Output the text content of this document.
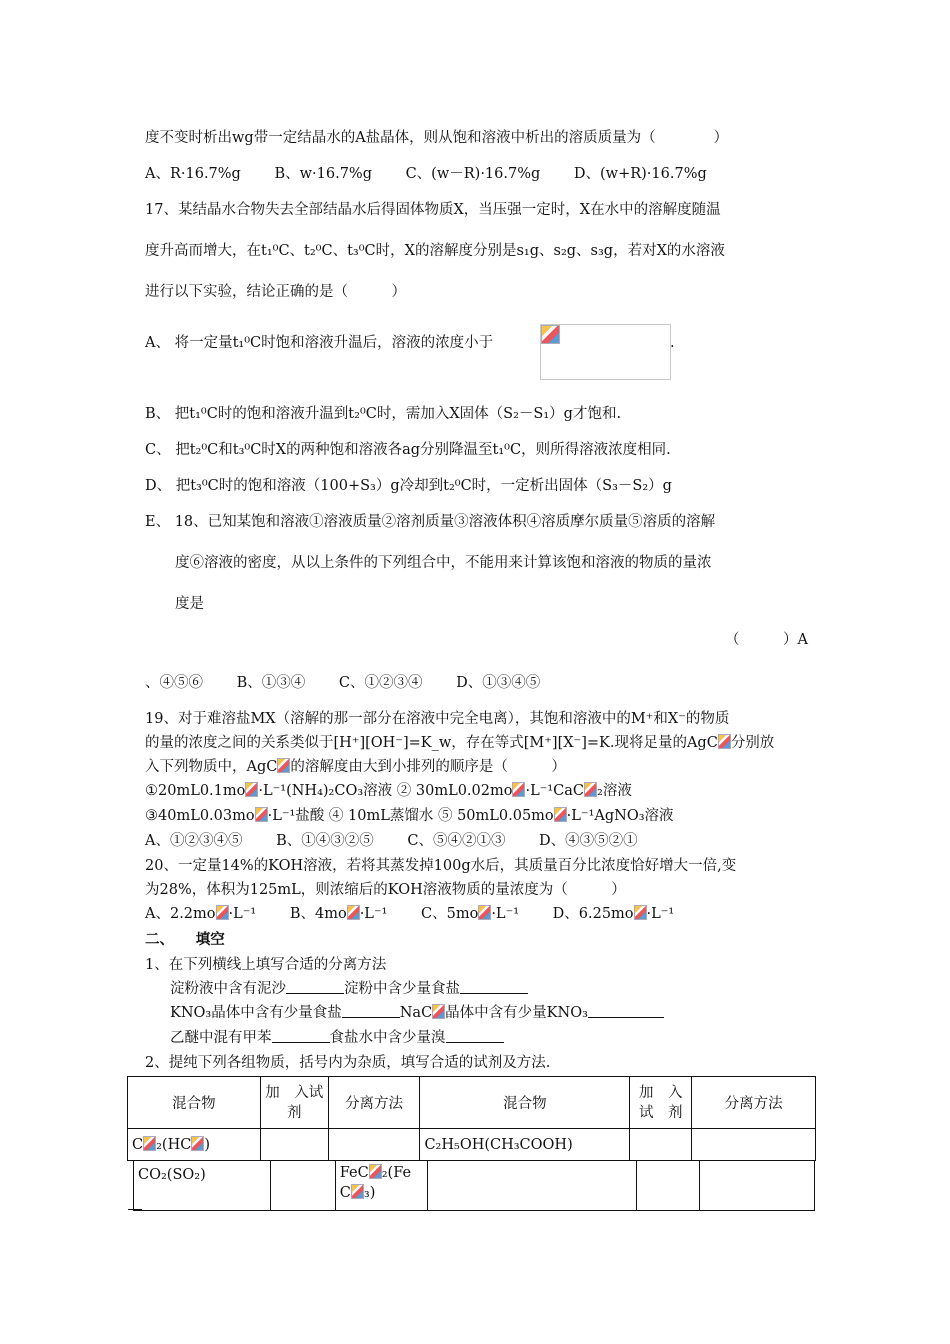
度不变时析出wg带一定结晶水的A盐晶体，则从饱和溶液中析出的溶质质量为（　　　　）
A、R·16.7%g　　 B、w·16.7%g　　 C、(w－R)·16.7%g　　 D、(w+R)·16.7%g
17、某结晶水合物失去全部结晶水后得固体物质X，当压强一定时，X在水中的溶解度随温
度升高而增大，在t₁⁰C、t₂⁰C、t₃⁰C时，X的溶解度分别是s₁g、s₂g、s₃g，若对X的水溶液
进行以下实验，结论正确的是（　　　）
A、 将一定量t₁⁰C时饱和溶液升温后，溶液的浓度小于	.
B、 把t₁⁰C时的饱和溶液升温到t₂⁰C时，需加入X固体（S₂－S₁）g才饱和.
C、 把t₂⁰C和t₃⁰C时X的两种饱和溶液各ag分别降温至t₁⁰C，则所得溶液浓度相同.
D、 把t₃⁰C时的饱和溶液（100+S₃）g冷却到t₂⁰C时，一定析出固体（S₃－S₂）g
E、 18、已知某饱和溶液①溶液质量②溶剂质量③溶液体积④溶质摩尔质量⑤溶质的溶解
度⑥溶液的密度，从以上条件的下列组合中，不能用来计算该饱和溶液的物质的量浓
度是
（　　　）A
、④⑤⑥　　 B、①③④　　 C、①②③④　　 D、①③④⑤
19、对于难溶盐MX（溶解的那一部分在溶液中完全电离），其饱和溶液中的M⁺和X⁻的物质
的量的浓度之间的关系类似于[H⁺][OH⁻]=K_w，存在等式[M⁺][X⁻]=K.现将足量的AgC 分别放
入下列物质中，AgC 的溶解度由大到小排列的顺序是（　　　）
①20mL0.1mo ·L⁻¹(NH₄)₂CO₃溶液 ② 30mL0.02mo ·L⁻¹CaC ₂溶液
③40mL0.03mo ·L⁻¹盐酸 ④ 10mL蒸馏水 ⑤ 50mL0.05mo ·L⁻¹AgNO₃溶液
A、①②③④⑤　　 B、①④③②⑤　　 C、⑤④②①③　　 D、④③⑤②①
20、一定量14%的KOH溶液，若将其蒸发掉100g水后，其质量百分比浓度恰好增大一倍,变
为28%，体积为125mL，则浓缩后的KOH溶液物质的量浓度为（　　　）
A、2.2mo ·L⁻¹　　 B、4mo ·L⁻¹　　 C、5mo ·L⁻¹　　 D、6.25mo ·L⁻¹
二、　　填空
1、在下列横线上填写合适的分离方法
淀粉液中含有泥沙	淀粉中含少量食盐
KNO₃晶体中含有少量食盐	NaC 晶体中含有少量KNO₃
乙醚中混有甲苯	食盐水中含少量溴
2、提纯下列各组物质，括号内为杂质，填写合适的试剂及方法.
混合物	加　入试剂	分离方法	混合物	加　入试　剂	分离方法
C ₂(HC )			C₂H₅OH(CH₃COOH)		
CO₂(SO₂)		FeC ₂(Fe
C ₃)			
